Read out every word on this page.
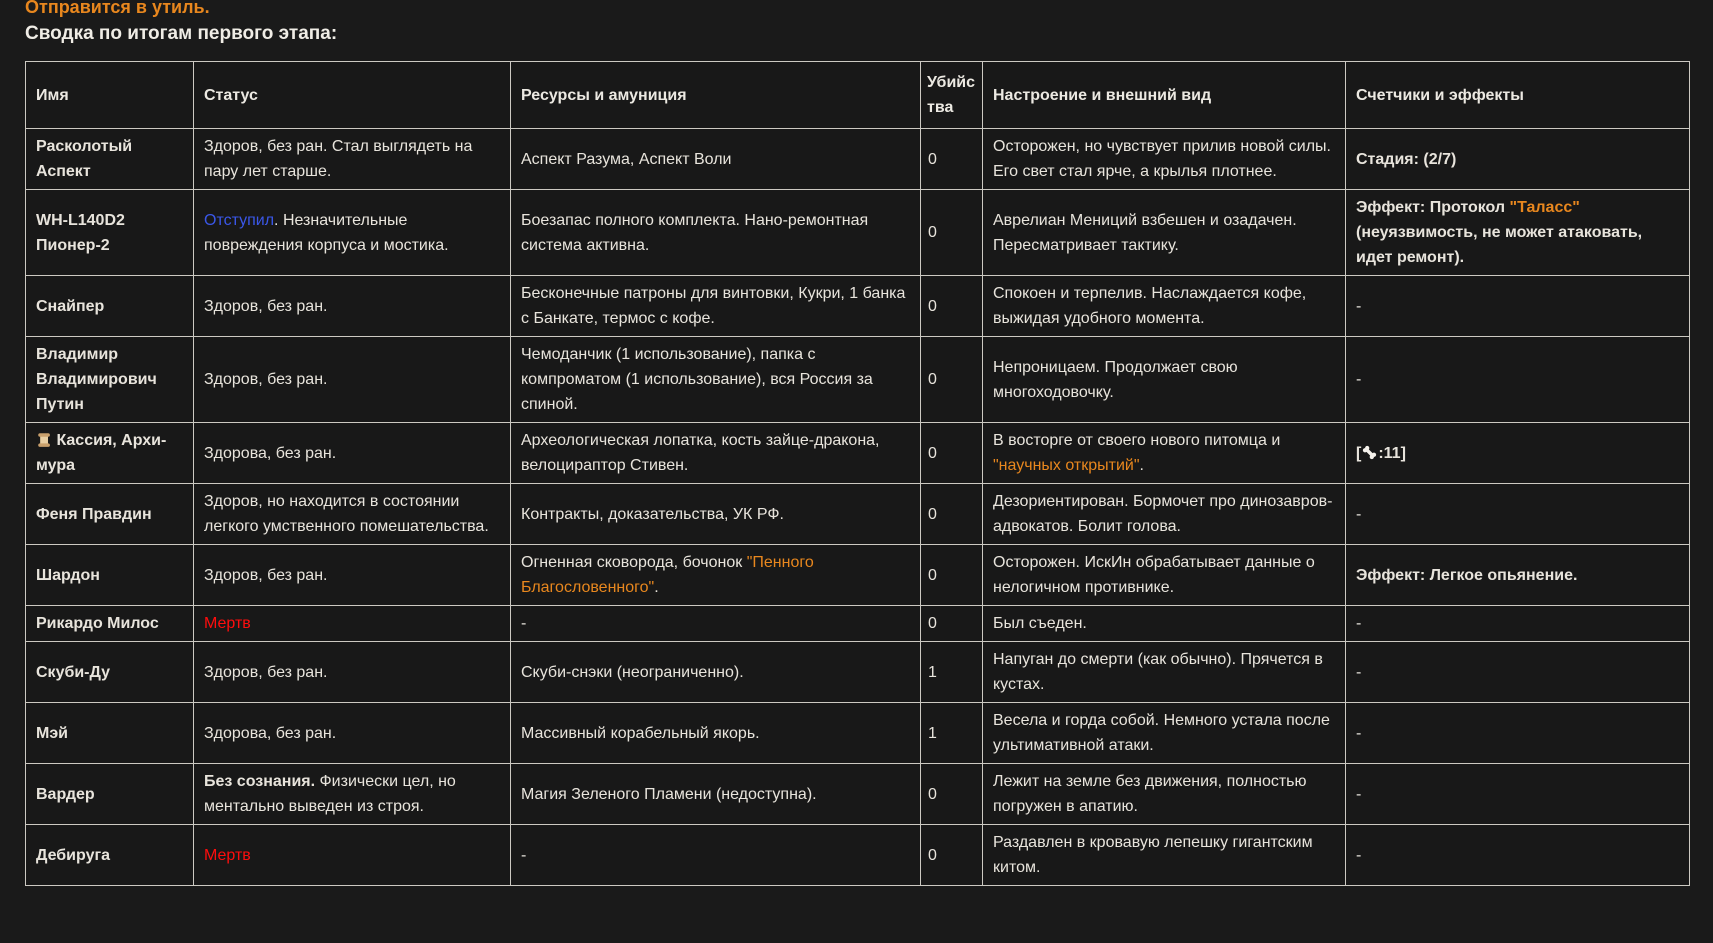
Отправится в утиль.
Сводка по итогам первого этапа:
Имя	Статус	Ресурсы и амуниция	Убийства	Настроение и внешний вид	Счетчики и эффекты
Расколотый Аспект	Здоров, без ран. Стал выглядеть на пару лет старше.	Аспект Разума, Аспект Воли	0	Осторожен, но чувствует прилив новой силы. Его свет стал ярче, а крылья плотнее.	Стадия: (2/7)
WH-L140D2 Пионер-2	Отступил. Незначительные повреждения корпуса и мостика.	Боезапас полного комплекта. Нано-ремонтная система активна.	0	Аврелиан Мениций взбешен и озадачен. Пересматривает тактику.	Эффект: Протокол "Таласс" (неуязвимость, не может атаковать, идет ремонт).
Снайпер	Здоров, без ран.	Бесконечные патроны для винтовки, Кукри, 1 банка с Банкате, термос с кофе.	0	Спокоен и терпелив. Наслаждается кофе, выжидая удобного момента.	-
Владимир Владимирович Путин	Здоров, без ран.	Чемоданчик (1 использование), папка с компроматом (1 использование), вся Россия за спиной.	0	Непроницаем. Продолжает свою многоходовочку.	-

Кассия, Архи-мура	Здорова, без ран.	Археологическая лопатка, кость зайце-дракона, велоцираптор Стивен.	0	В восторге от своего нового питомца и "научных открытий".	[ :11]
Феня Правдин	Здоров, но находится в состоянии легкого умственного помешательства.	Контракты, доказательства, УК РФ.	0	Дезориентирован. Бормочет про динозавров-адвокатов. Болит голова.	-
Шардон	Здоров, без ран.	Огненная сковорода, бочонок "Пенного Благословенного".	0	Осторожен. ИскИн обрабатывает данные о нелогичном противнике.	Эффект: Легкое опьянение.
Рикардо Милос	Мертв	-	0	Был съеден.	-
Скуби-Ду	Здоров, без ран.	Скуби-снэки (неограниченно).	1	Напуган до смерти (как обычно). Прячется в кустах.	-
Мэй	Здорова, без ран.	Массивный корабельный якорь.	1	Весела и горда собой. Немного устала после ультимативной атаки.	-
Вардер	Без сознания. Физически цел, но ментально выведен из строя.	Магия Зеленого Пламени (недоступна).	0	Лежит на земле без движения, полностью погружен в апатию.	-
Дебируга	Мертв	-	0	Раздавлен в кровавую лепешку гигантским китом.	-
